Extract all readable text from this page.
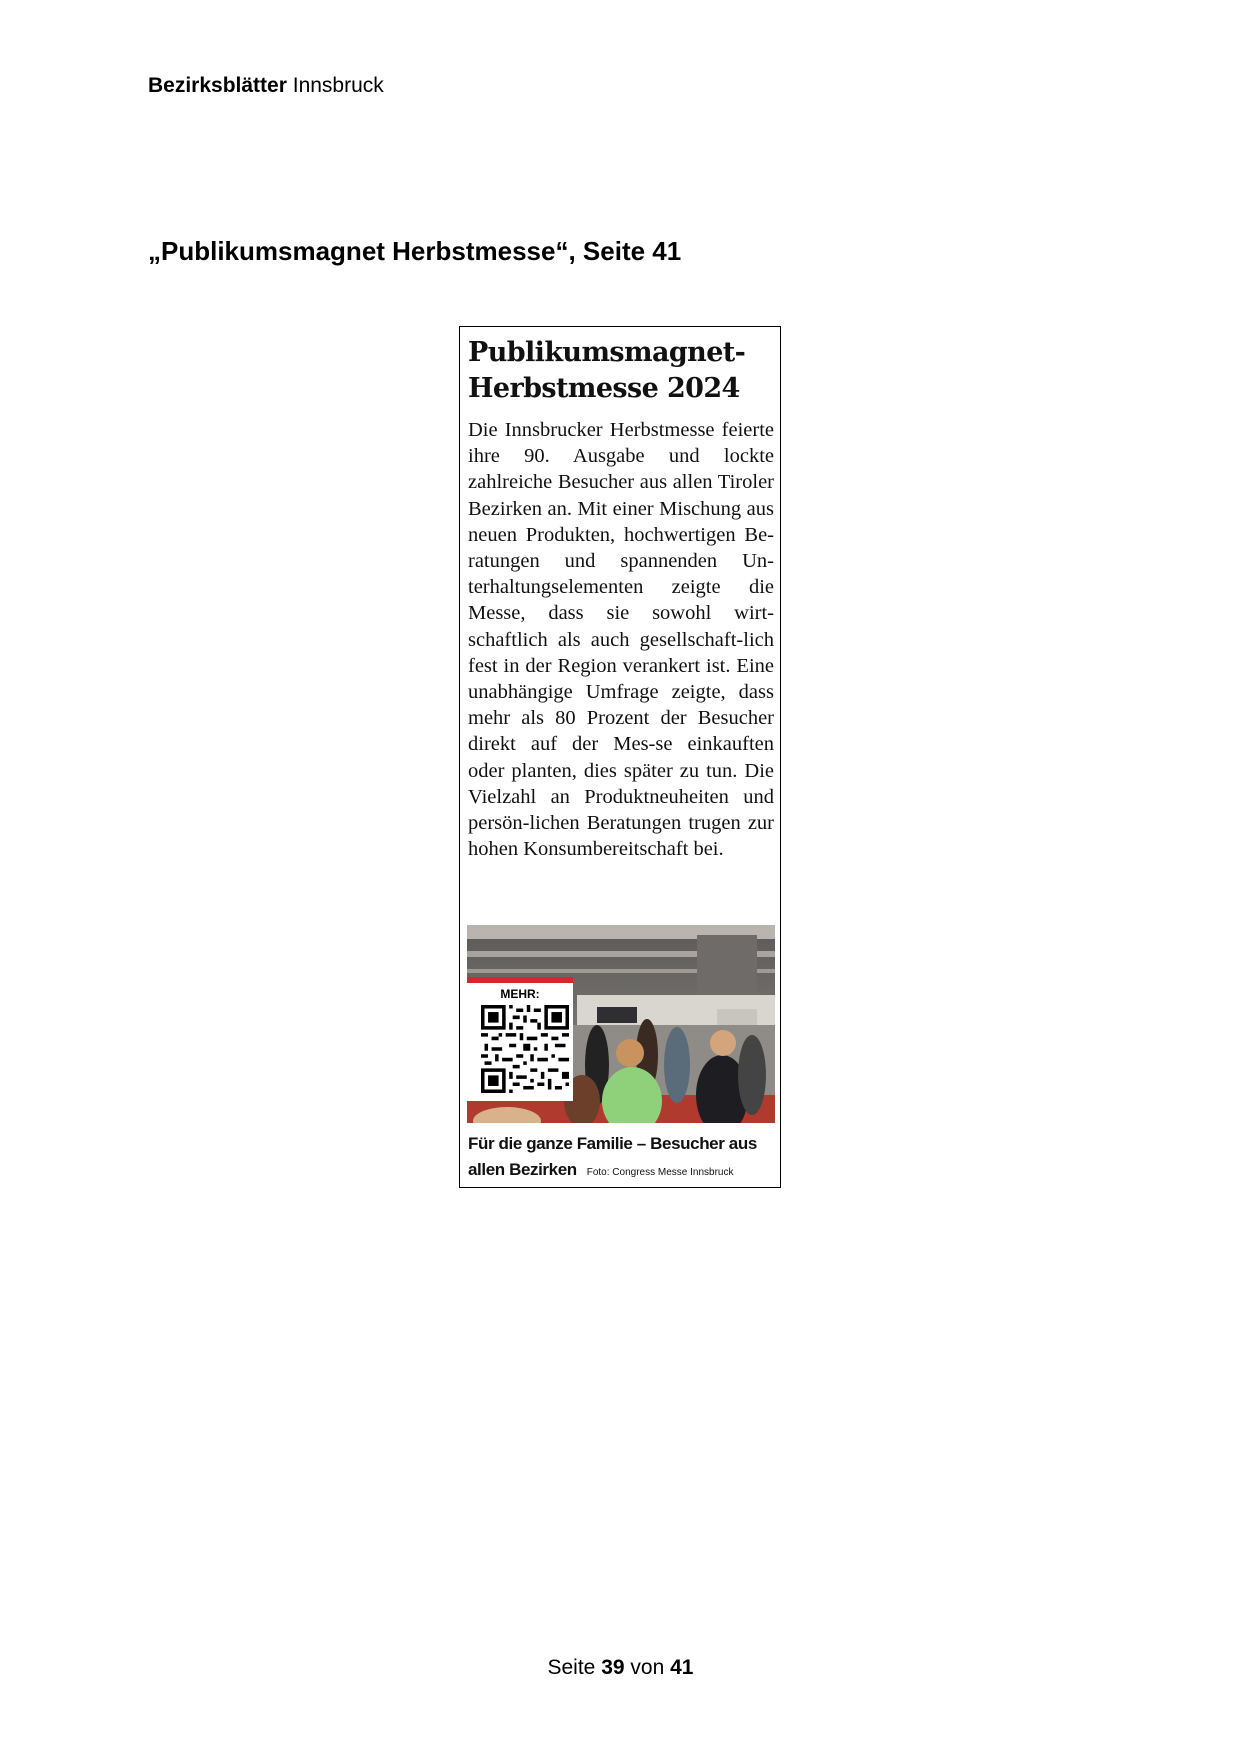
Bezirksblätter Innsbruck
„Publikumsmagnet Herbstmesse“, Seite 41
Publikumsmagnet-
Herbstmesse 2024

Die Innsbrucker Herbstmesse feierte ihre 90. Ausgabe und lockte zahlreiche Besucher aus allen Tiroler Bezirken an. Mit einer Mischung aus neuen Produkten, hochwertigen Be-ratungen und spannenden Un-terhaltungselementen zeigte die Messe, dass sie sowohl wirt-schaftlich als auch gesellschaft-lich fest in der Region verankert ist. Eine unabhängige Umfrage zeigte, dass mehr als 80 Prozent der Besucher direkt auf der Mes-se einkauften oder planten, dies später zu tun. Die Vielzahl an Produktneuheiten und persön-lichen Beratungen trugen zur hohen Konsumbereitschaft bei.

MEHR:
Für die ganze Familie – Besucher aus allen Bezirken Foto: Congress Messe Innsbruck
Seite 39 von 41
